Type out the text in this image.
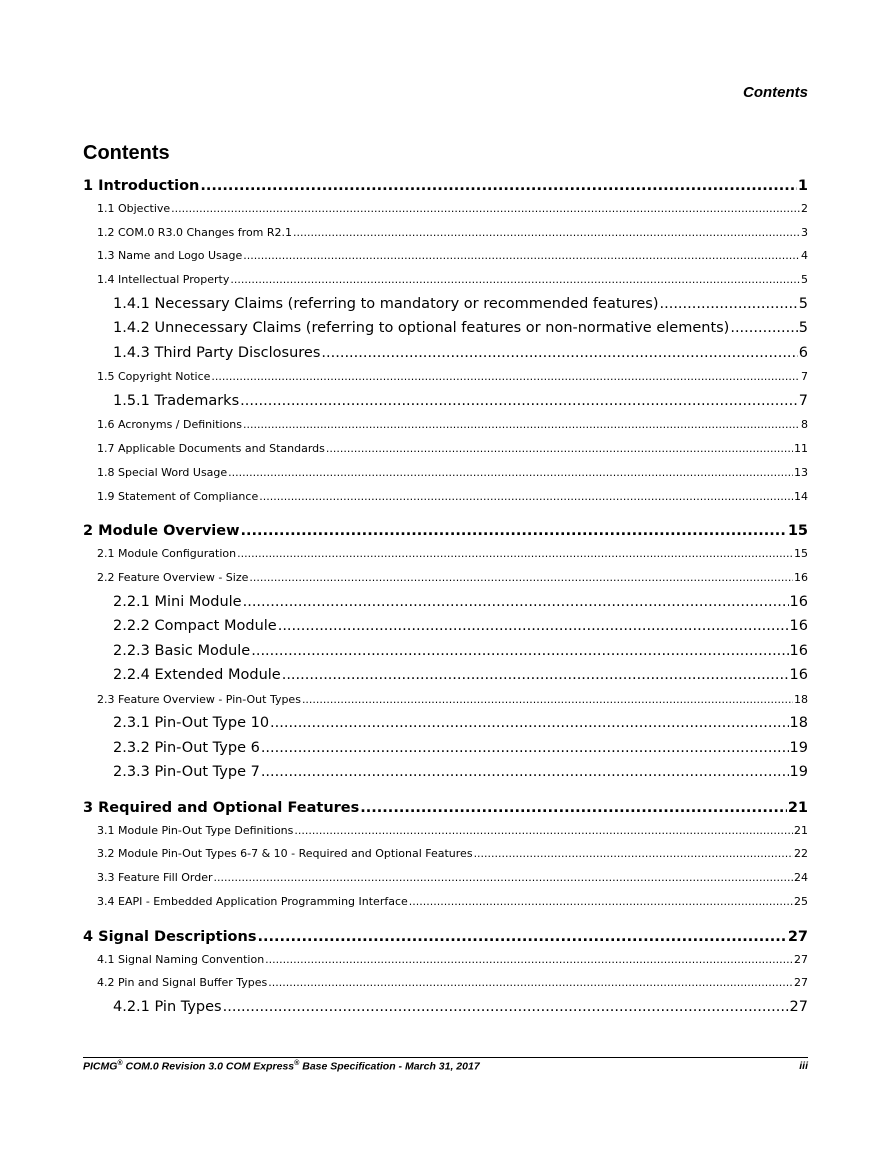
Contents
Contents
1 Introduction .....	1
1.1 Objective .....	2
1.2 COM.0 R3.0 Changes from R2.1 .....	3
1.3 Name and Logo Usage .....	4
1.4 Intellectual Property .....	5
1.4.1 Necessary Claims (referring to mandatory or recommended features) .....	5
1.4.2 Unnecessary Claims (referring to optional features or non-normative elements) .....	5
1.4.3 Third Party Disclosures .....	6
1.5 Copyright Notice .....	7
1.5.1 Trademarks .....	7
1.6 Acronyms / Definitions .....	8
1.7 Applicable Documents and Standards .....	11
1.8 Special Word Usage .....	13
1.9 Statement of Compliance .....	14
2 Module Overview .....	15
2.1 Module Configuration .....	15
2.2 Feature Overview - Size .....	16
2.2.1 Mini Module .....	16
2.2.2 Compact Module .....	16
2.2.3 Basic Module .....	16
2.2.4 Extended Module .....	16
2.3 Feature Overview - Pin-Out Types .....	18
2.3.1 Pin-Out Type 10 .....	18
2.3.2 Pin-Out Type 6 .....	19
2.3.3 Pin-Out Type 7 .....	19
3 Required and Optional Features .....	21
3.1 Module Pin-Out Type Definitions .....	21
3.2 Module Pin-Out Types 6-7 & 10 - Required and Optional Features .....	22
3.3 Feature Fill Order .....	24
3.4 EAPI - Embedded Application Programming Interface .....	25
4 Signal Descriptions .....	27
4.1 Signal Naming Convention .....	27
4.2 Pin and Signal Buffer Types .....	27
4.2.1 Pin Types .....	27
PICMG® COM.0 Revision 3.0 COM Express® Base Specification - March 31, 2017	iii
